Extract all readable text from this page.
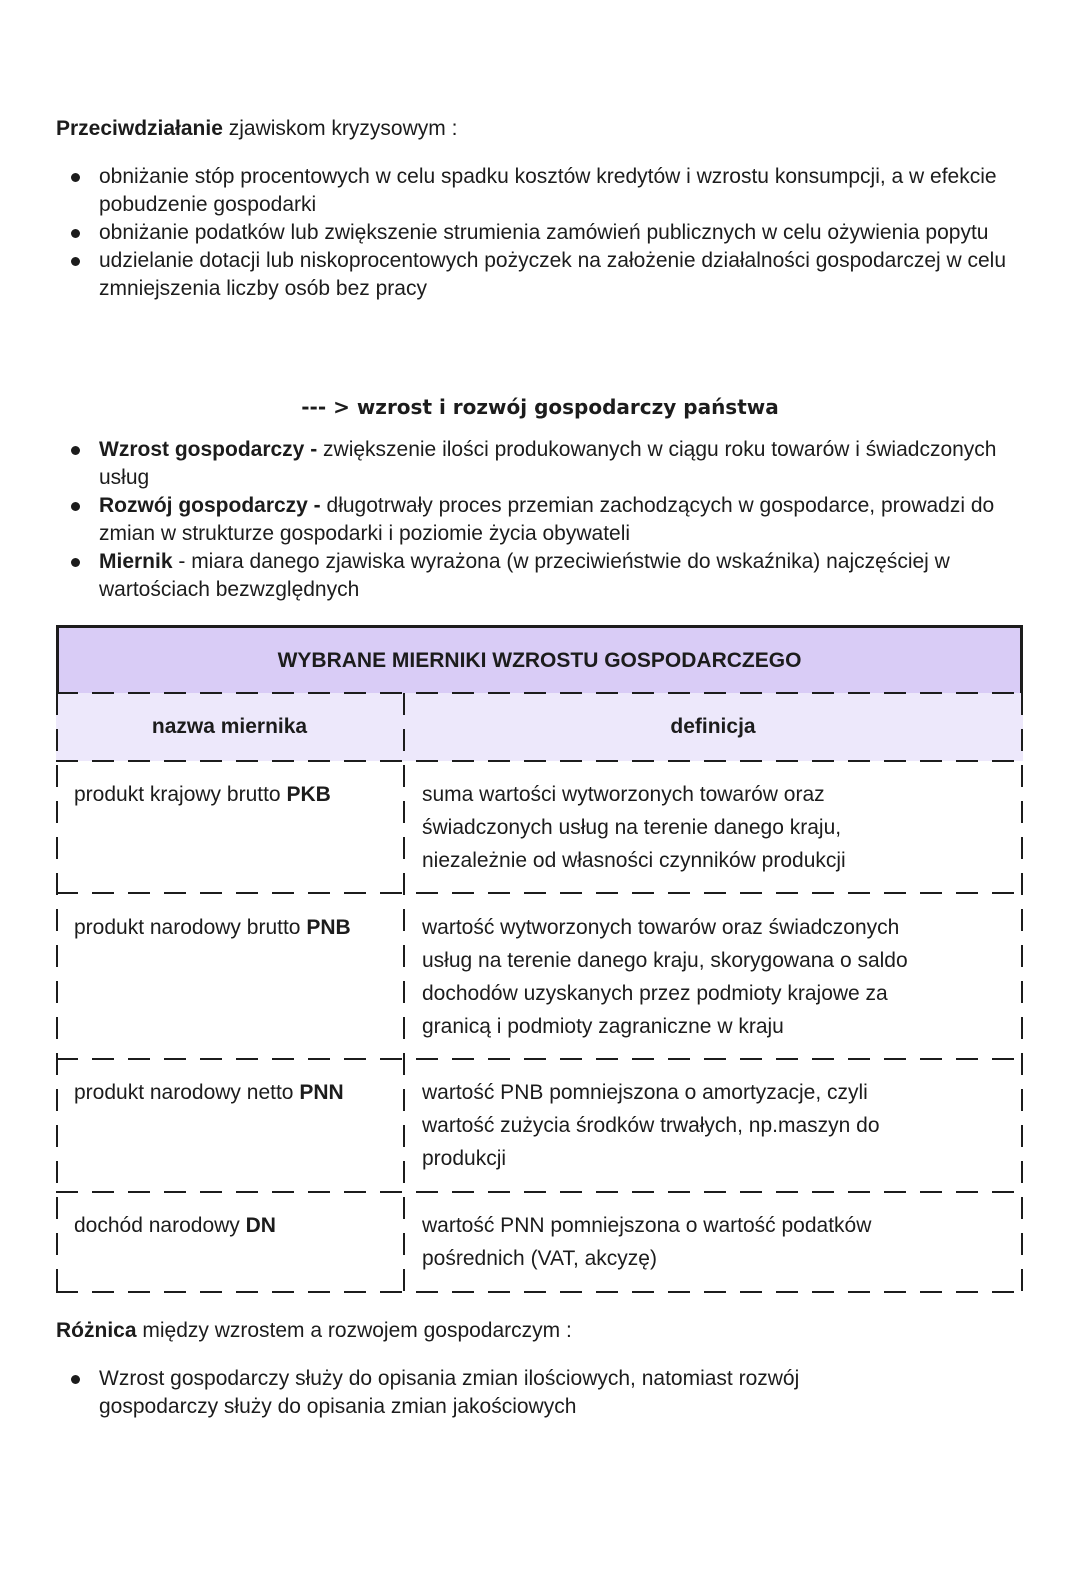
Przeciwdziałanie zjawiskom kryzysowym :

obniżanie stóp procentowych w celu spadku kosztów kredytów i wzrostu konsumpcji, a w efekcie pobudzenie gospodarki
obniżanie podatków lub zwiększenie strumienia zamówień publicznych w celu ożywienia popytu
udzielanie dotacji lub niskoprocentowych pożyczek na założenie działalności gospodarczej w celu zmniejszenia liczby osób bez pracy
--- > wzrost i rozwój gospodarczy państwa
Wzrost gospodarczy - zwiększenie ilości produkowanych w ciągu roku towarów i świadczonych usług
Rozwój gospodarczy - długotrwały proces przemian zachodzących w gospodarce, prowadzi do zmian w strukturze gospodarki i poziomie życia obywateli
Miernik - miara danego zjawiska wyrażona (w przeciwieństwie do wskaźnika) najczęściej w wartościach bezwzględnych
WYBRANE MIERNIKI WZROSTU GOSPODARCZEGO
nazwa miernika	definicja
produkt krajowy brutto PKB	suma wartości wytworzonych towarów oraz
świadczonych usług na terenie danego kraju,
niezależnie od własności czynników produkcji
produkt narodowy brutto PNB	wartość wytworzonych towarów oraz świadczonych
usług na terenie danego kraju, skorygowana o saldo
dochodów uzyskanych przez podmioty krajowe za
granicą i podmioty zagraniczne w kraju
produkt narodowy netto PNN	wartość PNB pomniejszona o amortyzacje, czyli
wartość zużycia środków trwałych, np.maszyn do
produkcji
dochód narodowy DN	wartość PNN pomniejszona o wartość podatków
pośrednich (VAT, akcyzę)

Różnica między wzrostem a rozwojem gospodarczym :

Wzrost gospodarczy służy do opisania zmian ilościowych, natomiast rozwój gospodarczy służy do opisania zmian jakościowych
